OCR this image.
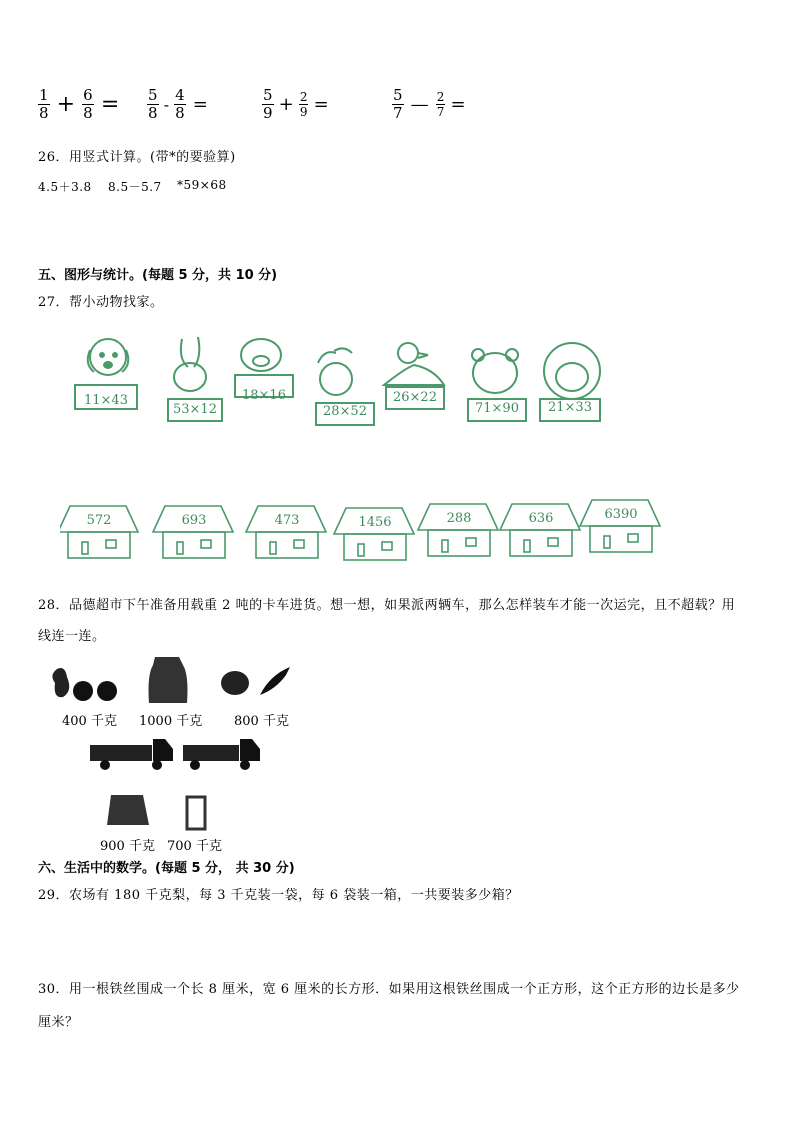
$\frac{1}{8} + \frac{6}{8} = \frac{5}{8} - \frac{4}{8}$ =	$\frac{5}{9} + \frac{2}{9}$ =	$\frac{5}{7}$ — $\frac{2}{7}$ =
26．用竖式计算。(带*的要验算)
4.5＋3.8 8.5－5.7 *59×68
五、图形与统计。(每题 5 分，共 10 分)
27．帮小动物找家。
11×43
53×12
18×16
28×52
26×22
71×90	21×33
572	693	473	1456	288	636	6390
28．品德超市下午准备用载重 2 吨的卡车进货。想一想，如果派两辆车，那么怎样装车才能一次运完，且不超载？用
线连一连。
400 千克 1000 千克 800 千克
900 千克 700 千克
六、生活中的数学。(每题 5 分， 共 30 分)
29．农场有 180 千克梨，每 3 千克装一袋，每 6 袋装一箱，一共要装多少箱？
30．用一根铁丝围成一个长 8 厘米，宽 6 厘米的长方形．如果用这根铁丝围成一个正方形，这个正方形的边长是多少
厘米？
